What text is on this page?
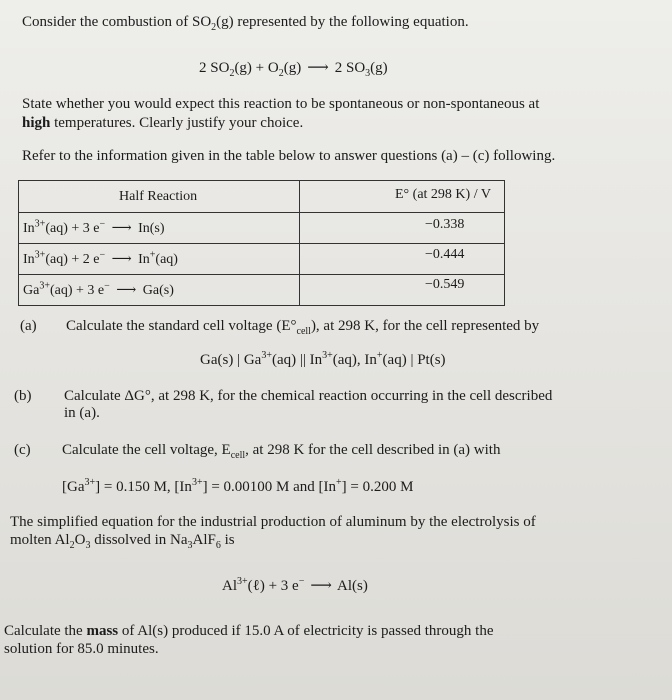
Consider the combustion of $SO_2(g)$ represented by the following equation.
2 $SO_2(g) + O_2(g)$ ⟶ 2 $SO_3(g)$
State whether you would expect this reaction to be spontaneous or non-spontaneous at
high temperatures. Clearly justify your choice.
Refer to the information given in the table below to answer questions (a) – (c) following.
Half Reaction	E° (at 298 K) / V
$In^{3+}(aq) + 3$ e− ⟶ In(s)	−0.338
$In^{3+}(aq) + 2$ e− ⟶ In+(aq)	−0.444
$Ga^{3+}(aq) + 3$ e− ⟶ Ga(s)	−0.549
(a) Calculate the standard cell voltage $(E^\circ_{cell})$, at 298 K, for the cell represented by
Ga(s) | $Ga^{3+}(aq)$ || $In^{3+}(aq)$, In+(aq) | Pt(s)
(b) Calculate ΔG°, at 298 K, for the chemical reaction occurring in the cell described
in (a).
(c) Calculate the cell voltage, $E_{cell}$, at 298 K for the cell described in (a) with
$[Ga^{3+}] = 0.150$ M, $[In^{3+}] = 0.00100$ M and [In+] = 0.200 M
The simplified equation for the industrial production of aluminum by the electrolysis of
molten $Al_2O_3$ dissolved in $Na_3AlF_6$ is
$Al^{3+}(\ell) + 3$ e− ⟶ Al(s)
Calculate the mass of Al(s) produced if 15.0 A of electricity is passed through the
solution for 85.0 minutes.
